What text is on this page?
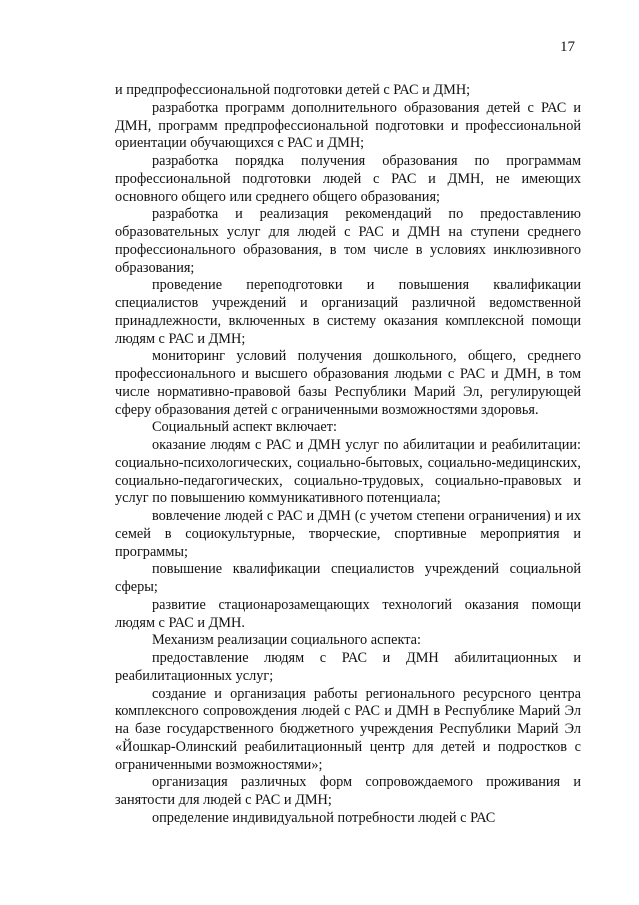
17

и предпрофессиональной подготовки детей с РАС и ДМН;

разработка программ дополнительного образования детей с РАС и ДМН, программ предпрофессиональной подготовки и профессиональной ориентации обучающихся с РАС и ДМН;

разработка порядка получения образования по программам профессиональной подготовки людей с РАС и ДМН, не имеющих основного общего или среднего общего образования;

разработка и реализация рекомендаций по предоставлению образовательных услуг для людей с РАС и ДМН на ступени среднего профессионального образования, в том числе в условиях инклюзивного образования;

проведение переподготовки и повышения квалификации специалистов учреждений и организаций различной ведомственной принадлежности, включенных в систему оказания комплексной помощи людям с РАС и ДМН;

мониторинг условий получения дошкольного, общего, среднего профессионального и высшего образования людьми с РАС и ДМН, в том числе нормативно-правовой базы Республики Марий Эл, регулирующей сферу образования детей с ограниченными возможностями здоровья.

Социальный аспект включает:

оказание людям с РАС и ДМН услуг по абилитации и реабилитации: социально-психологических, социально-бытовых, социально-медицинских, социально-педагогических, социально-трудовых, социально-правовых и услуг по повышению коммуникативного потенциала;

вовлечение людей с РАС и ДМН (с учетом степени ограничения) и их семей в социокультурные, творческие, спортивные мероприятия и программы;

повышение квалификации специалистов учреждений социальной сферы;

развитие стационарозамещающих технологий оказания помощи людям с РАС и ДМН.

Механизм реализации социального аспекта:

предоставление людям с РАС и ДМН абилитационных и реабилитационных услуг;

создание и организация работы регионального ресурсного центра комплексного сопровождения людей с РАС и ДМН в Республике Марий Эл на базе государственного бюджетного учреждения Республики Марий Эл «Йошкар-Олинский реабилитационный центр для детей и подростков с ограниченными возможностями»;

организация различных форм сопровождаемого проживания и занятости для людей с РАС и ДМН;

определение индивидуальной потребности людей с РАС
